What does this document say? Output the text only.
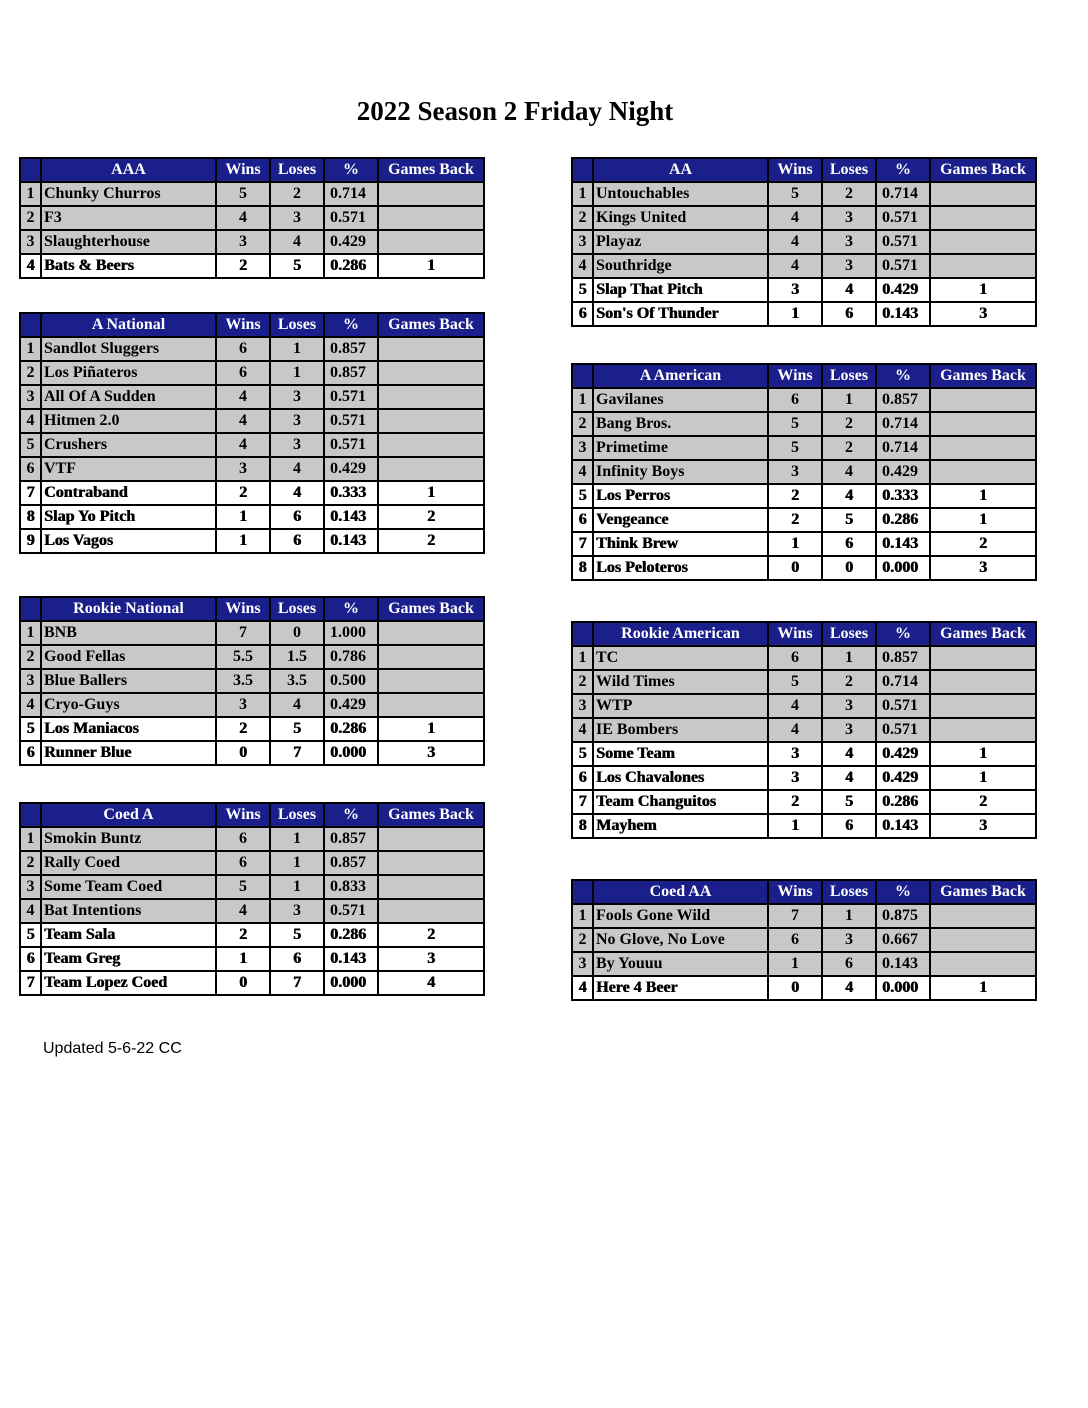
2022 Season 2 Friday Night
	AAA	Wins	Loses	%	Games Back
1	Chunky Churros	5	2	0.714	
2	F3	4	3	0.571	
3	Slaughterhouse	3	4	0.429	
4	Bats & Beers	2	5	0.286	1
	A National	Wins	Loses	%	Games Back
1	Sandlot Sluggers	6	1	0.857	
2	Los Piñateros	6	1	0.857	
3	All Of A Sudden	4	3	0.571	
4	Hitmen 2.0	4	3	0.571	
5	Crushers	4	3	0.571	
6	VTF	3	4	0.429	
7	Contraband	2	4	0.333	1
8	Slap Yo Pitch	1	6	0.143	2
9	Los Vagos	1	6	0.143	2
	Rookie National	Wins	Loses	%	Games Back
1	BNB	7	0	1.000	
2	Good Fellas	5.5	1.5	0.786	
3	Blue Ballers	3.5	3.5	0.500	
4	Cryo-Guys	3	4	0.429	
5	Los Maniacos	2	5	0.286	1
6	Runner Blue	0	7	0.000	3
	Coed A	Wins	Loses	%	Games Back
1	Smokin Buntz	6	1	0.857	
2	Rally Coed	6	1	0.857	
3	Some Team Coed	5	1	0.833	
4	Bat Intentions	4	3	0.571	
5	Team Sala	2	5	0.286	2
6	Team Greg	1	6	0.143	3
7	Team Lopez Coed	0	7	0.000	4
	AA	Wins	Loses	%	Games Back
1	Untouchables	5	2	0.714	
2	Kings United	4	3	0.571	
3	Playaz	4	3	0.571	
4	Southridge	4	3	0.571	
5	Slap That Pitch	3	4	0.429	1
6	Son's Of Thunder	1	6	0.143	3
	A American	Wins	Loses	%	Games Back
1	Gavilanes	6	1	0.857	
2	Bang Bros.	5	2	0.714	
3	Primetime	5	2	0.714	
4	Infinity Boys	3	4	0.429	
5	Los Perros	2	4	0.333	1
6	Vengeance	2	5	0.286	1
7	Think Brew	1	6	0.143	2
8	Los Peloteros	0	0	0.000	3
	Rookie American	Wins	Loses	%	Games Back
1	TC	6	1	0.857	
2	Wild Times	5	2	0.714	
3	WTP	4	3	0.571	
4	IE Bombers	4	3	0.571	
5	Some Team	3	4	0.429	1
6	Los Chavalones	3	4	0.429	1
7	Team Changuitos	2	5	0.286	2
8	Mayhem	1	6	0.143	3
	Coed AA	Wins	Loses	%	Games Back
1	Fools Gone Wild	7	1	0.875	
2	No Glove, No Love	6	3	0.667	
3	By Youuu	1	6	0.143	
4	Here 4 Beer	0	4	0.000	1
Updated 5-6-22 CC
